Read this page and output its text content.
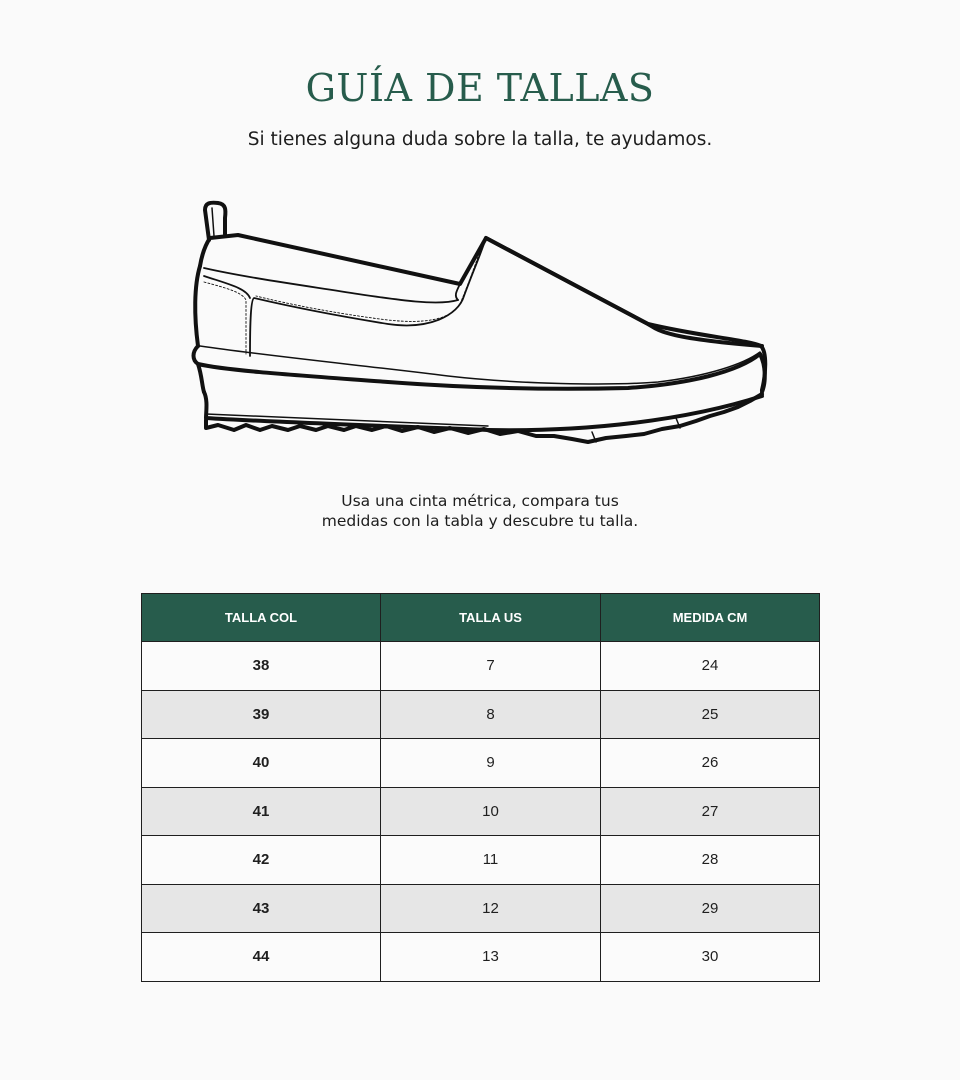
GUÍA DE TALLAS

Si tienes alguna duda sobre la talla, te ayudamos.

Usa una cinta métrica, compara tus
medidas con la tabla y descubre tu talla.

TALLA COL	TALLA US	MEDIDA CM
38	7	24
39	8	25
40	9	26
41	10	27
42	11	28
43	12	29
44	13	30
